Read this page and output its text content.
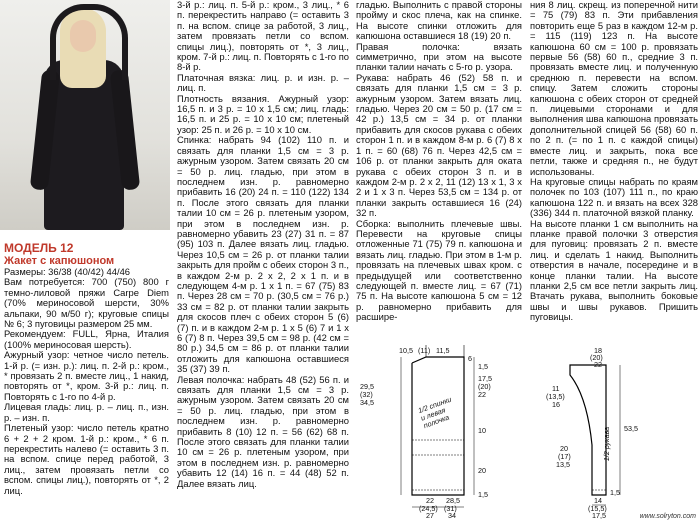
МОДЕЛЬ 12

Жакет с капюшоном

Размеры: 36/38 (40/42) 44/46

Вам потребуется: 700 (750) 800 г темно-лиловой пряжи Carpe Diem (70% мериносовой шерсти, 30% альпаки, 90 м/50 г); круговые спицы № 6; 3 пуговицы размером 25 мм.

Рекомендуем: FULL, Ярна, Италия (100% мериносовая шерсть).

Ажурный узор: четное число петель. 1-й р. (= изн. р.): лиц. п. 2-й р.: кром., * провязать 2 п. вместе лиц., 1 накид, повторять от *, кром. 3-й р.: лиц. п. Повторять с 1-го по 4-й р.

Лицевая гладь: лиц. р. – лиц. п., изн. р. – изн. п.

Плетеный узор: число петель кратно 6 + 2 + 2 кром. 1-й р.: кром., * 6 п. перекрестить налево (= оставить 3 п. на вспом. спице перед работой, 3 лиц., затем провязать петли со вспом. спицы лиц.), повторять от *, 2 лиц.

3-й р.: лиц. п. 5-й р.: кром., 3 лиц., * 6 п. перекрестить направо (= оставить 3 п. на вспом. спице за работой, 3 лиц., затем провязать петли со вспом. спицы лиц.), повторять от *, 3 лиц., кром. 7-й р.: лиц. п. Повторять с 1-го по 8-й р.

Платочная вязка: лиц. р. и изн. р. – лиц. п.

Плотность вязания. Ажурный узор: 16,5 п. и 3 р. = 10 х 1,5 см; лиц. гладь: 16,5 п. и 25 р. = 10 х 10 см; плетеный узор: 25 п. и 26 р. = 10 х 10 см.

Спинка: набрать 94 (102) 110 п. и связать для планки 1,5 см = 3 р. ажурным узором. Затем связать 20 см = 50 р. лиц. гладью, при этом в последнем изн. р. равномерно прибавить 16 (20) 24 п. = 110 (122) 134 п. После этого связать для планки талии 10 см = 26 р. плетеным узором, при этом в последнем изн. р. равномерно убавить 23 (27) 31 п. = 87 (95) 103 п. Далее вязать лиц. гладью. Через 10,5 см = 26 р. от планки талии закрыть для пройм с обеих сторон 3 п., в каждом 2-м р. 2 х 2, 2 х 1 п. и в следующем 4-м р. 1 х 1 п. = 67 (75) 83 п. Через 28 см = 70 р. (30,5 см = 76 р.) 33 см = 82 р. от планки талии закрыть для скосов плеч с обеих сторон 5 (6) (7) п. и в каждом 2-м р. 1 х 5 (6) 7 и 1 х 6 (7) 8 п. Через 39,5 см = 98 р. (42 см = 80 р.) 34,5 см = 86 р. от планки талии отложить для капюшона оставшиеся 35 (37) 39 п.

Левая полочка: набрать 48 (52) 56 п. и связать для планки 1,5 см = 3 р. ажурным узором. Затем связать 20 см = 50 р. лиц. гладью, при этом в последнем изн. р. равномерно прибавить 8 (10) 12 п. = 56 (62) 68 п. После этого связать для планки талии 10 см = 26 р. плетеным узором, при этом в последнем изн. р. равномерно убавить 12 (14) 16 п. = 44 (48) 52 п. Далее вязать лиц.

гладью. Выполнить с правой стороны пройму и скос плеча, как на спинке. На высоте спинки отложить для капюшона оставшиеся 18 (19) 20 п.

Правая полочка: вязать симметрично, при этом на высоте планки талии начать с 5-го р. узора.

Рукава: набрать 46 (52) 58 п. и связать для планки 1,5 см = 3 р. ажурным узором. Затем вязать лиц. гладью. Через 20 см = 50 р. (17 см = 42 р.) 13,5 см = 34 р. от планки прибавить для скосов рукава с обеих сторон 1 п. и в каждом 8-м р. 6 (7) 8 х 1 п. = 60 (68) 76 п. Через 42,5 см = 106 р. от планки закрыть для окатa рукава с обеих сторон 3 п. и в каждом 2-м р. 2 х 2, 11 (12) 13 х 1, 3 х 2 и 1 х 3 п. Через 53,5 см = 134 р. от планки закрыть оставшиеся 16 (24) 32 п.

Сборка: выполнить плечевые швы. Перевести на круговые спицы отложенные 71 (75) 79 п. капюшона и вязать лиц. гладью. При этом в 1-м р. провязать на плечевых швах кром. с предыдущей или соответственно следующей п. вместе лиц. = 67 (71) 75 п. На высоте капюшона 5 см = 12 р. равномерно прибавить для расшире-

ния 8 лиц. скрещ. из поперечной нити = 75 (79) 83 п. Эти прибавления повторить еще 5 раз в каждом 12-м р. = 115 (119) 123 п. На высоте капюшона 60 см = 100 р. провязать первые 56 (58) 60 п., средние 3 п. провязать вместе лиц. и полученную среднюю п. перевести на вспом. спицу. Затем сложить стороны капюшона с обеих сторон от средней п. лицевыми сторонами и для выполнения шва капюшона провязать дополнительной спицей 56 (58) 60 п. по 2 п. (= по 1 п. с каждой спицы) вместе лиц. и закрыть, пока все петли, также и средняя п., не будут использованы.

На круговые спицы набрать по краям полочек по 103 (107) 111 п., по краю капюшона 122 п. и вязать на всех 328 (336) 344 п. платочной вязкой планку.

На высоте планки 1 см выполнить на планке правой полочки 3 отверстия для пуговиц: провязать 2 п. вместе лиц. и сделать 1 накид. Выполнить отверстия в начале, посередине и в конце планки талии. На высоте планки 2,5 см все петли закрыть лиц. Втачать рукава, выполнить боковые швы и швы рукавов. Пришить пуговицы.

10,5 (11) 11,5
29,5
(32)
34,5
6
1,5
17,5
(20)
22
10
20
1,5
1/2 спинки и левая полочка
22
(24,5)
27
28,5
(31)
34
18
(20)
22
53,5
11
(13,5)
16
20
(17)
13,5
1/2 рукава
1,5
14
(15,5)
17,5	www.solryton.com
